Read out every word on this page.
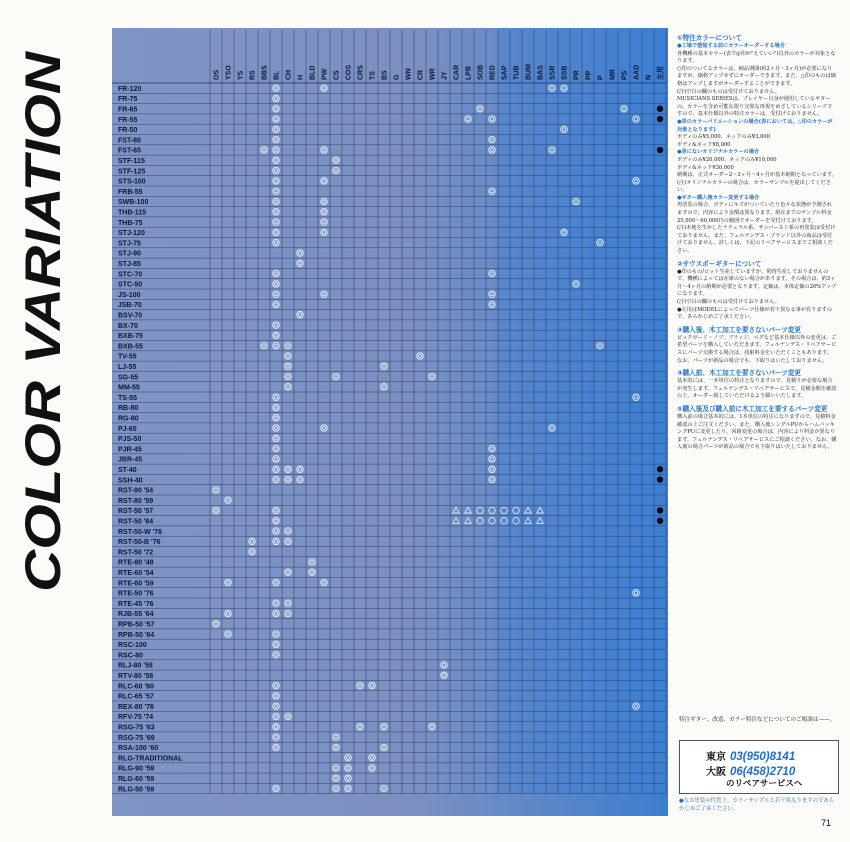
COLOR VARIATION
OS YSO YS RS BBS BL CH H BLD PW CS COS CRS TS BS G WN CR WR JY CAR LPB SOB RED SAP TUB BUM BAS SSR SSB PR PP P MR PS AAD N 左用
FR-120
FR-75
FR-65
FR-55
FR-50
FST-80
FST-65
STF-115
STF-125
STS-100
FRB-55
SWB-100
THB-115
THB-75
STJ-120
STJ-75
STJ-90
STJ-85
STC-70
STC-50
JS-100
JSB-70
BSV-70
BX-70
BXB-75
BXB-55
TV-55
LJ-55
SG-55
MM-55
TS-55
RB-80
RG-80
PJ-65
PJS-50
PJR-45
JBR-45
ST-40
SSH-40
RST-90 '54
RST-80 '59
RST-50 '57
RST-50 '64
RST-50-W '76
RST-50-B '76
RST-50 '72
RTE-80 '48
RTE-60 '54
RTE-60 '59
RTE-50 '76
RTE-45 '76
RJB-55 '64
RPB-50 '57
RPB-50 '64
RSC-100
RSC-80
RLJ-80 '58
RTV-80 '58
RLC-60 '60
RLC-65 '57
REX-80 '76
RFV-75 '74
RSG-75 '63
RSG-75 '69
RSA-100 '60
RLG-TRADITIONAL
RLG-90 '59
RLG-60 '59
RLG-50 '59

①特注カラーについて

●工場で塗装する前にカラーオーダーする場合

各機種の基本カラー(表で◎印が"えていい")以外のカラーが対象となります。

○印のついてるカラーは、納品期間(約2ヶ月〜3ヶ月)が必要になりますが、価格アップせずにオーダーできます。また、△印のものは価格はアップしますがオーダーすることができます。

(注)空白の欄のものは受付けておりません。

MUSICIANS SERIESは、プレイヤー自身が使用しているギターの、カラーを含め可能な限り完璧な再現をめざしているシリーズですので、基本仕様以外の特注カラーは、受付けておりません。

●表のカラーバリエーションの場合(表においては、△印のカラーが対象となります)

ボディのみ¥5,000、ネックのみ¥3,000

ボディ&ネック¥8,000

●表にないオリジナルカラーの場合

ボディのみ¥20,000、ネックのみ¥10,000

ボディ&ネック¥30,000

納期は、正式オーダー2〜3ヶ月〜4ヶ月が基本納期となっています。

(注)オリジナルカラーの場合は、カラーサンプルを提出してください。

●ギター購入後カラー変更する場合

再塗装の場合、ボディにキズがついていたり色々な状態が予測されますので、内容により金額は異なります。現在までのサンプル料金25,000〜60,000円の範囲でオーダーを受付けております。

(注)木地を生かしたナチュラル系、サンバースト系の再塗装は受付けておりません。また、フェルナンデス・ブランド以外の商品は受付けておりません。詳しくは、下記のリペアサービスまでご相談ください。

②サウスポーギターについて

●印のもの/ロット生産していますが、常時生産しておりませんので、機種によっては在庫のない場合があります。その場合は、約3ヶ月〜4ヶ月の納期が必要となります。定価は、本体定価の20%アップになります。

(注)空白の欄のものは受付けておりません。

●左用はMODELによってパーツ仕様が若干異なる事が有りますので、あらかじめご了承ください。

③購入後、木工加工を要さないパーツ変更

ピックガード・ノブ、ブリッジ、ペグなど基本仕様以外の変更は、ご希望パーツを購入していただきます。フェルナンデス・リペアサービスにパーツ交換する場合は、技術料金をいただくこともあります。

なお、パーツが新品の場合でも、下取りはいたしておりません。

④購入前、木工加工を要さないパーツ変更

基本的には、一本単位の特注となりますので、見積りが必要な場合が発生します。フェルナンデス・リペアサービスで、見積金額を確認の上、オーダー致していただけるよう願いいたします。

⑤購入後及び購入前に木工加工を要するパーツ変更

購入前の場合基本的には、1本単位の特注になりますので、見積料金確認の上ご注文ください。また、購入後シングルPUからハムバッキングPUに変更したり、回路変更の場合は、内容により料金が異なります。フェルナンデス・リペアサービスにご相談ください。なお、購入後の場合パーツが新品の場合でも下取りはいたしておりません。

特注ギター、改造、カラー特注などについてのご相談は——。
東京 03(950)8141
大阪 06(458)2710
のリペアサービスへ
●なお塗装の性質上、カラーサンプルと若干異なりますのであらかじめご了承ください。
71
